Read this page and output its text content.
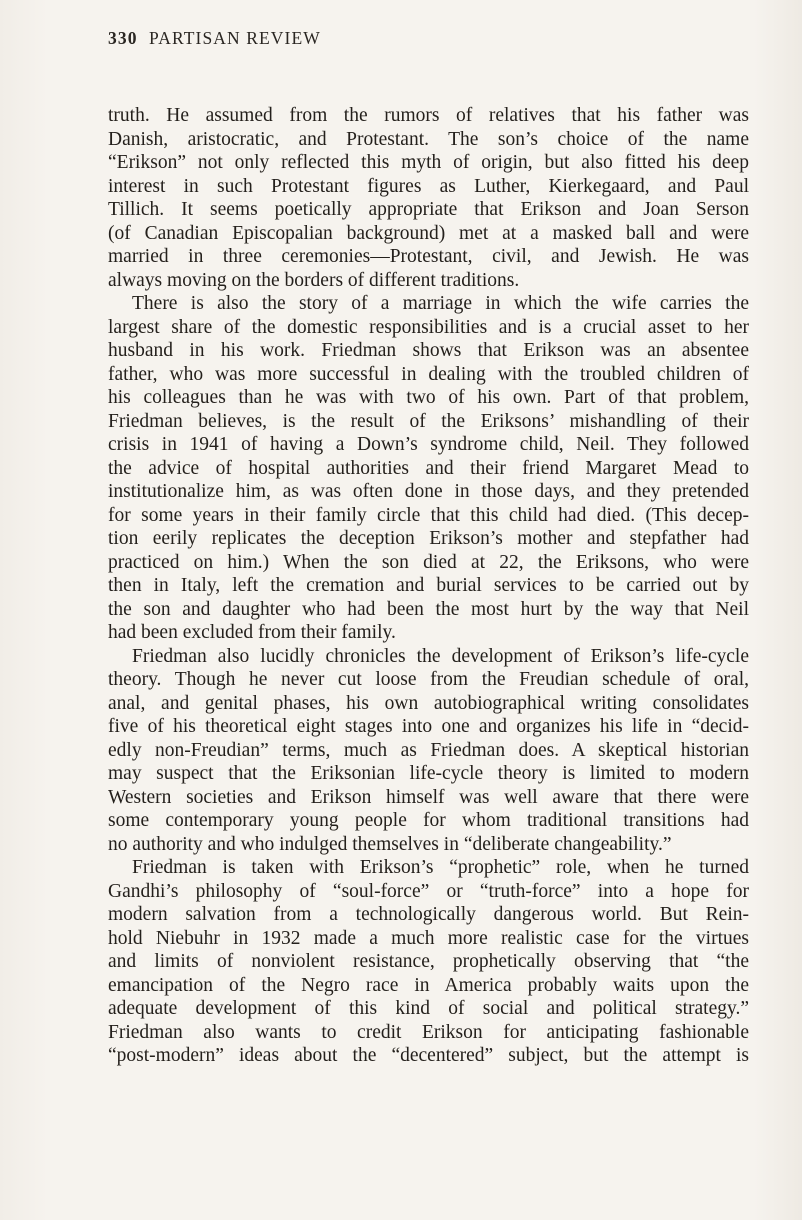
330 PARTISAN REVIEW
truth. He assumed from the rumors of relatives that his father was
Danish, aristocratic, and Protestant. The son’s choice of the name
“Erikson” not only reflected this myth of origin, but also fitted his deep
interest in such Protestant figures as Luther, Kierkegaard, and Paul
Tillich. It seems poetically appropriate that Erikson and Joan Serson
(of Canadian Episcopalian background) met at a masked ball and were
married in three ceremonies—Protestant, civil, and Jewish. He was
always moving on the borders of different traditions.
There is also the story of a marriage in which the wife carries the
largest share of the domestic responsibilities and is a crucial asset to her
husband in his work. Friedman shows that Erikson was an absentee
father, who was more successful in dealing with the troubled children of
his colleagues than he was with two of his own. Part of that problem,
Friedman believes, is the result of the Eriksons’ mishandling of their
crisis in 1941 of having a Down’s syndrome child, Neil. They followed
the advice of hospital authorities and their friend Margaret Mead to
institutionalize him, as was often done in those days, and they pretended
for some years in their family circle that this child had died. (This decep-
tion eerily replicates the deception Erikson’s mother and stepfather had
practiced on him.) When the son died at 22, the Eriksons, who were
then in Italy, left the cremation and burial services to be carried out by
the son and daughter who had been the most hurt by the way that Neil
had been excluded from their family.
Friedman also lucidly chronicles the development of Erikson’s life-cycle
theory. Though he never cut loose from the Freudian schedule of oral,
anal, and genital phases, his own autobiographical writing consolidates
five of his theoretical eight stages into one and organizes his life in “decid-
edly non-Freudian” terms, much as Friedman does. A skeptical historian
may suspect that the Eriksonian life-cycle theory is limited to modern
Western societies and Erikson himself was well aware that there were
some contemporary young people for whom traditional transitions had
no authority and who indulged themselves in “deliberate changeability.”
Friedman is taken with Erikson’s “prophetic” role, when he turned
Gandhi’s philosophy of “soul-force” or “truth-force” into a hope for
modern salvation from a technologically dangerous world. But Rein-
hold Niebuhr in 1932 made a much more realistic case for the virtues
and limits of nonviolent resistance, prophetically observing that “the
emancipation of the Negro race in America probably waits upon the
adequate development of this kind of social and political strategy.”
Friedman also wants to credit Erikson for anticipating fashionable
“post-modern” ideas about the “decentered” subject, but the attempt is
